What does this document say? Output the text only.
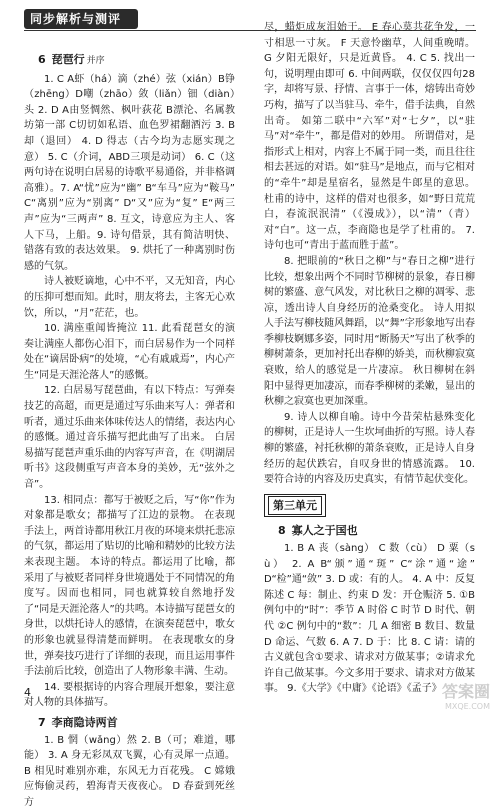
同步解析与测评

6 琵琶行 并序

1. C A虾（há）滴（zhé）弦（xián）B铮（zhēng）D嘲（zhāo）敛（liǎn）钿（diàn）头 2. D A由竖惆然、枫叶荻花 B漂沦、名属教坊第一部 C切切如私语、血色罗裙翻酒污 3. B 却（退回） 4. D 得志（古今均为志愿实现之意） 5. C（介词，ABD三项是动词） 6. C（这两句诗在说明白居易的诗歌平易通俗，并非格调高雅）。7. A“忧”应为“幽” B“车马”应为“鞍马” C“离别”应为“别离” D“又”应为“复” E“两三声”应为“三两声” 8. 互文，诗意应为主人、客人下马，上船。9. 诗句借景，其有简洁明快、错落有致的表达效果。 9. 烘托了一种离别时伤感的气氛。

诗人被贬谪地，心中不平，又无知音，内心的压抑可想而知。此时，朋友将去，主客无心欢饮，所以，“月”茫茫，也。

10. 满座重闻皆掩泣 11. 此看琵琶女的演奏让满座人都伤心泪下，而白居易作为一个同样处在“谪居卧病”的处境，“心有戚戚焉”，内心产生“同是天涯沦落人”的感慨。

12. 白居易写琵琶曲，有以下特点：写弹奏技艺的高超，而更是通过写乐曲来写人：弹者和听者，通过乐曲来体味传达人的情绪，表达内心的感慨。通过音乐描写把此曲写了出来。 白居易描写琵琶声重乐曲的内容写声音，在《明湖居听书》这段侧重写声音本身的美妙，无“弦外之音”。

13. 相同点：都写于被贬之后，写“你”作为对象都是歌女；都描写了江边的景物。 在表现手法上，两首诗都用秋江月夜的环境来烘托悲凉的气氛，都运用了贴切的比喻和精妙的比较方法来表现主题。 本诗的特点。都运用了比喻，都采用了与被贬者同样身世境遇处于不同情况的角度写。因而也相同，同也就算较自然地抒发了“同是天涯沦落人”的共鸣。本诗描写琵琶女的身世，以烘托诗人的感情，在演奏琵琶中，歌女的形象也就显得清楚而鲜明。 在表现歌女的身世，弹奏技巧进行了详细的表现，而且运用事件手法前后比较，创造出了人物形象丰满、生动。

14. 要根据诗的内容合理展开想象，要注意对人物的具体描写。

7 李商隐诗两首

1. B 惘（wǎng）然 2. B（可；难道，哪能） 3. A 身无彩凤双飞翼，心有灵犀一点通。 B 相见时难别亦难，东风无力百花残。 C 嫦娥应悔偷灵药，碧海青天夜夜心。 D 春蚕到死丝方

尽，蜡炬成灰泪始干。 E 春心莫共花争发，一寸相思一寸灰。 F 天意怜幽草，人间重晚晴。 G 夕阳无限好，只是近黄昏。 4. C 5. 找出一句，说明理由即可 6. 中间两联，仅仅仅四句28字，却将写景、抒情、言事于一体，熔铸出奇妙巧构，描写了以当驻马、牵牛，借手法典，自然出奇。 如第二联中“六军”对“七夕”，以“驻马”对“牵牛”，都是借对的妙用。 所谓借对，是指形式上相对，内容上不属于同一类，而且往往相去甚远的对语。如“驻马”是地点，而与它相对的“牵牛”却是星宿名，显然是牛郎星的意思。 杜甫的诗中，这样的借对也很多，如“野日荒荒白，春流泯泯清”（《漫成》），以“清”（青）对“白”。这一点，李商隐也是学了杜甫的。 7. 诗句也可“青出于蓝而胜于蓝”。

8. 把眼前的“秋日之柳”与“春日之柳”进行比较，想象出两个不同时节柳树的景象，春日柳树的繁盛、意气风发，对比秋日之柳的凋零、悲凉，透出诗人自身经历的沧桑变化。 诗人用拟人手法写柳枝随风舞蹈，以“舞”字形象地写出春季柳枝婀娜多姿，同时用“断肠天”写出了秋季的柳树萧条，更加衬托出春柳的娇美，而秋柳寂寞衰败，给人的感觉是一片凄凉。 秋日柳树在斜阳中显得更加凄凉，而春季柳树的柔嫩，显出的秋柳之寂寞也更加深重。

9. 诗人以柳自喻。诗中今昔荣枯悬殊变化的柳树，正是诗人一生坎坷曲折的写照。诗人春柳的繁盛，衬托秋柳的萧条衰败，正是诗人自身经历的起伏跌宕，自叹身世的情感流露。 10. 要符合诗的内容及历史真实，有情节起伏变化。

第三单元

8 寡人之于国也

1. B A 丧（sàng） C 数（cù） D 粟（sù） 2. A B“颁”通“斑” C“涂”通“途” D“检”通“敛” 3. D 或：有的人。 4. A 中：反复陈述 C 每：制止、约束 D 发：开仓赈济 5. ①B 例句中的“时”：季节 A 时俗 C 时节 D 时代、朝代 ②C 例句中的“数”：几 A 细密 B 数目、数量 D 命运、气数 6. A 7. D 于：比 8. C 请：请的古义就包含①要求、请求对方做某事；②请求允许自己做某事。今文多用于要求、请求对方做某事。 9.《大学》《中庸》《论语》《孟子》

4	答案圈
MXQE.COM
